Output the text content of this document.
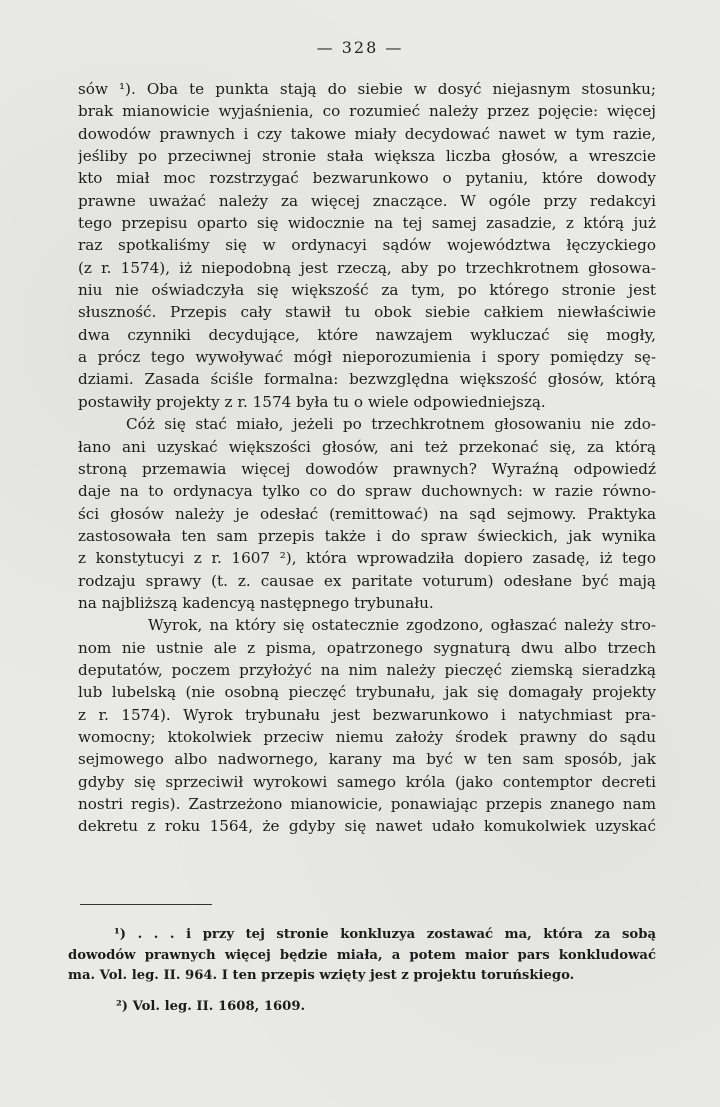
— 328 —
sów ¹). Oba te punkta stają do siebie w dosyć niejasnym stosunku;
brak mianowicie wyjaśnienia, co rozumieć należy przez pojęcie: więcej
dowodów prawnych i czy takowe miały decydować nawet w tym razie,
jeśliby po przeciwnej stronie stała większa liczba głosów, a wreszcie
kto miał moc rozstrzygać bezwarunkowo o pytaniu, które dowody
prawne uważać należy za więcej znaczące. W ogóle przy redakcyi
tego przepisu oparto się widocznie na tej samej zasadzie, z którą już
raz spotkaliśmy się w ordynacyi sądów województwa łęczyckiego
(z r. 1574), iż niepodobną jest rzeczą, aby po trzechkrotnem głosowa-
niu nie oświadczyła się większość za tym, po którego stronie jest
słuszność. Przepis cały stawił tu obok siebie całkiem niewłaściwie
dwa czynniki decydujące, które nawzajem wykluczać się mogły,
a prócz tego wywoływać mógł nieporozumienia i spory pomiędzy sę-
dziami. Zasada ściśle formalna: bezwzględna większość głosów, którą
postawiły projekty z r. 1574 była tu o wiele odpowiedniejszą.
Cóż się stać miało, jeżeli po trzechkrotnem głosowaniu nie zdo-
łano ani uzyskać większości głosów, ani też przekonać się, za którą
stroną przemawia więcej dowodów prawnych? Wyraźną odpowiedź
daje na to ordynacya tylko co do spraw duchownych: w razie równo-
ści głosów należy je odesłać (remittować) na sąd sejmowy. Praktyka
zastosowała ten sam przepis także i do spraw świeckich, jak wynika
z konstytucyi z r. 1607 ²), która wprowadziła dopiero zasadę, iż tego
rodzaju sprawy (t. z. causae ex paritate voturum) odesłane być mają
na najbliższą kadencyą następnego trybunału.
Wyrok, na który się ostatecznie zgodzono, ogłaszać należy stro-
nom nie ustnie ale z pisma, opatrzonego sygnaturą dwu albo trzech
deputatów, poczem przyłożyć na nim należy pieczęć ziemską sieradzką
lub lubelską (nie osobną pieczęć trybunału, jak się domagały projekty
z r. 1574). Wyrok trybunału jest bezwarunkowo i natychmiast pra-
womocny; ktokolwiek przeciw niemu założy środek prawny do sądu
sejmowego albo nadwornego, karany ma być w ten sam sposób, jak
gdyby się sprzeciwił wyrokowi samego króla (jako contemptor decreti
nostri regis). Zastrzeżono mianowicie, ponawiając przepis znanego nam
dekretu z roku 1564, że gdyby się nawet udało komukolwiek uzyskać
¹) . . . i przy tej stronie konkluzya zostawać ma, która za sobą
dowodów prawnych więcej będzie miała, a potem maior pars konkludować
ma. Vol. leg. II. 964. I ten przepis wzięty jest z projektu toruńskiego.
²) Vol. leg. II. 1608, 1609.
